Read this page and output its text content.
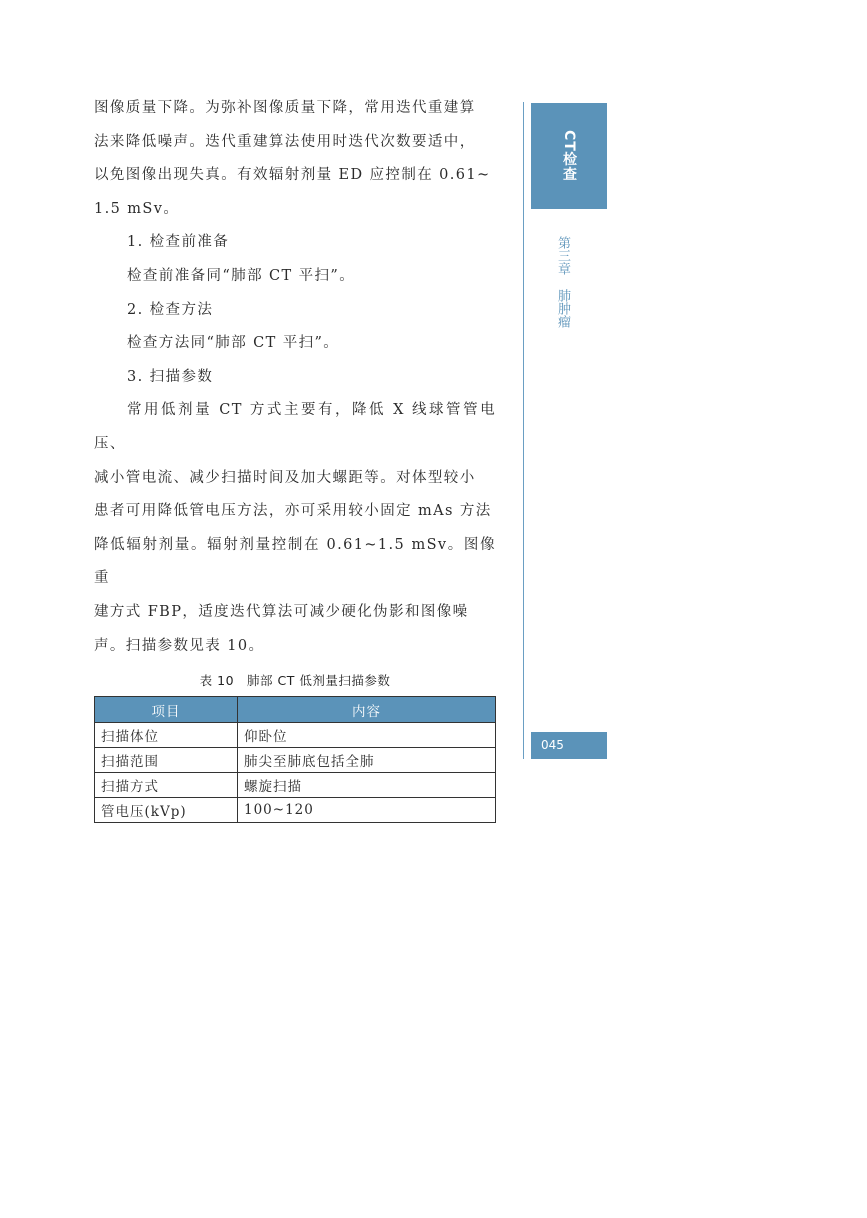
图像质量下降。为弥补图像质量下降，常用迭代重建算
法来降低噪声。迭代重建算法使用时迭代次数要适中，
以免图像出现失真。有效辐射剂量 ED 应控制在 0.61~
1.5 mSv。

1. 检查前准备

检查前准备同“肺部 CT 平扫”。

2. 检查方法

检查方法同“肺部 CT 平扫”。

3. 扫描参数

常用低剂量 CT 方式主要有，降低 X 线球管管电压、
减小管电流、减少扫描时间及加大螺距等。对体型较小
患者可用降低管电压方法，亦可采用较小固定 mAs 方法
降低辐射剂量。辐射剂量控制在 0.61~1.5 mSv。图像重
建方式 FBP，适度迭代算法可减少硬化伪影和图像噪
声。扫描参数见表 10。

表 10　肺部 CT 低剂量扫描参数
项目	内容
扫描体位	仰卧位
扫描范围	肺尖至肺底包括全肺
扫描方式	螺旋扫描
管电压(kVp)	100~120
CT检查
第三章肺肿瘤
045
